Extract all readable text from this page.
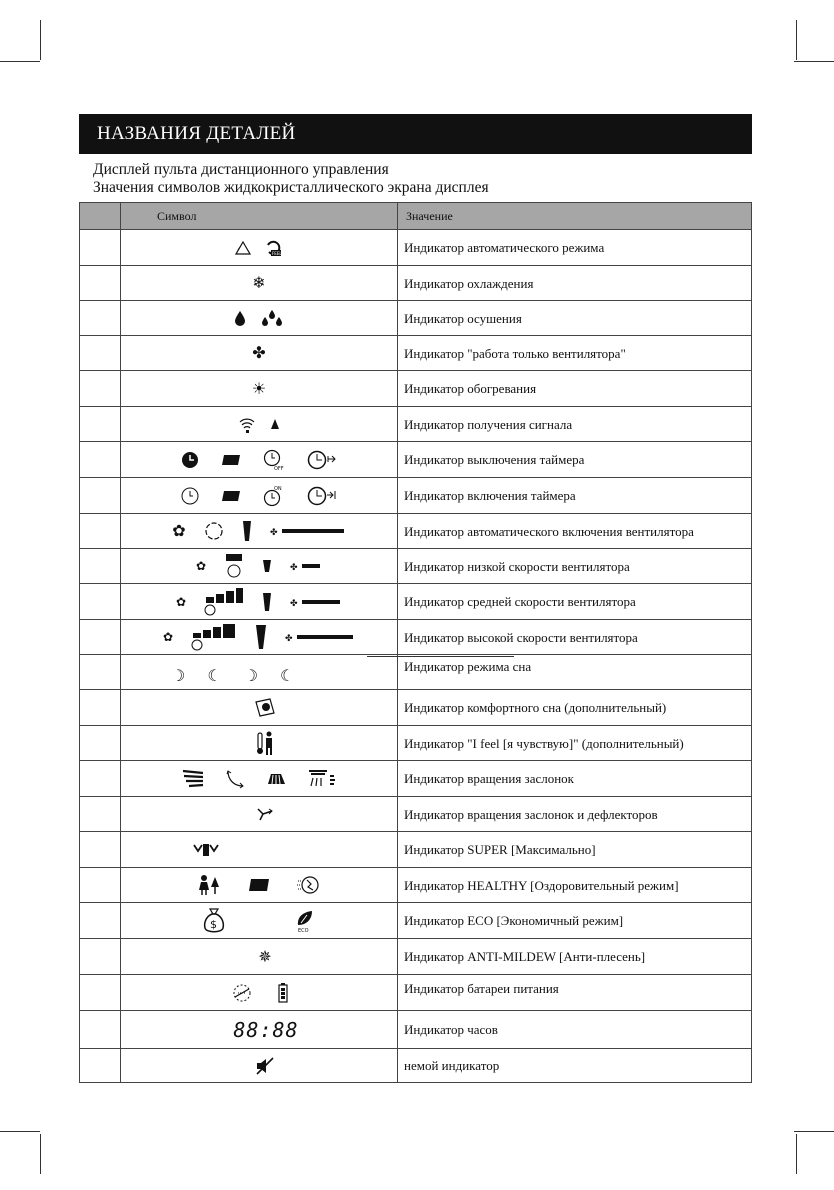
НАЗВАНИЯ ДЕТАЛЕЙ
Дисплей пульта дистанционного управления
Значения символов жидкокристаллического экрана дисплея
	Символ	Значение

FEEL	Индикатор автоматического режима

	❄	Индикатор охлаждения

	Индикатор осушения

	✤	Индикатор "работа только вентилятора"

	☀	Индикатор обогревания

	Индикатор получения сигнала

OFF	Индикатор выключения таймера

ON	Индикатор включения таймера

	✿ ✤	Индикатор автоматического включения вентилятора

	✿ ✤	Индикатор низкой скорости вентилятора

	✿ ✤	Индикатор средней скорости вентилятора

	✿ ✤	Индикатор высокой скорости вентилятора

	☽ ☾ ☽ ☾	Индикатор режима сна

	Индикатор комфортного сна (дополнительный)

	Индикатор "I feel [я чувствую]" (дополнительный)

	Индикатор вращения заслонок

	Индикатор вращения заслонок и дефлекторов

	Индикатор SUPER [Максимально]

	Индикатор HEALTHY [Оздоровительный режим]

$ ECO	Индикатор ECO [Экономичный режим]

	✵	Индикатор ANTI-MILDEW [Анти-плесень]

	Индикатор батареи питания

	88:88	Индикатор часов

	немой индикатор
